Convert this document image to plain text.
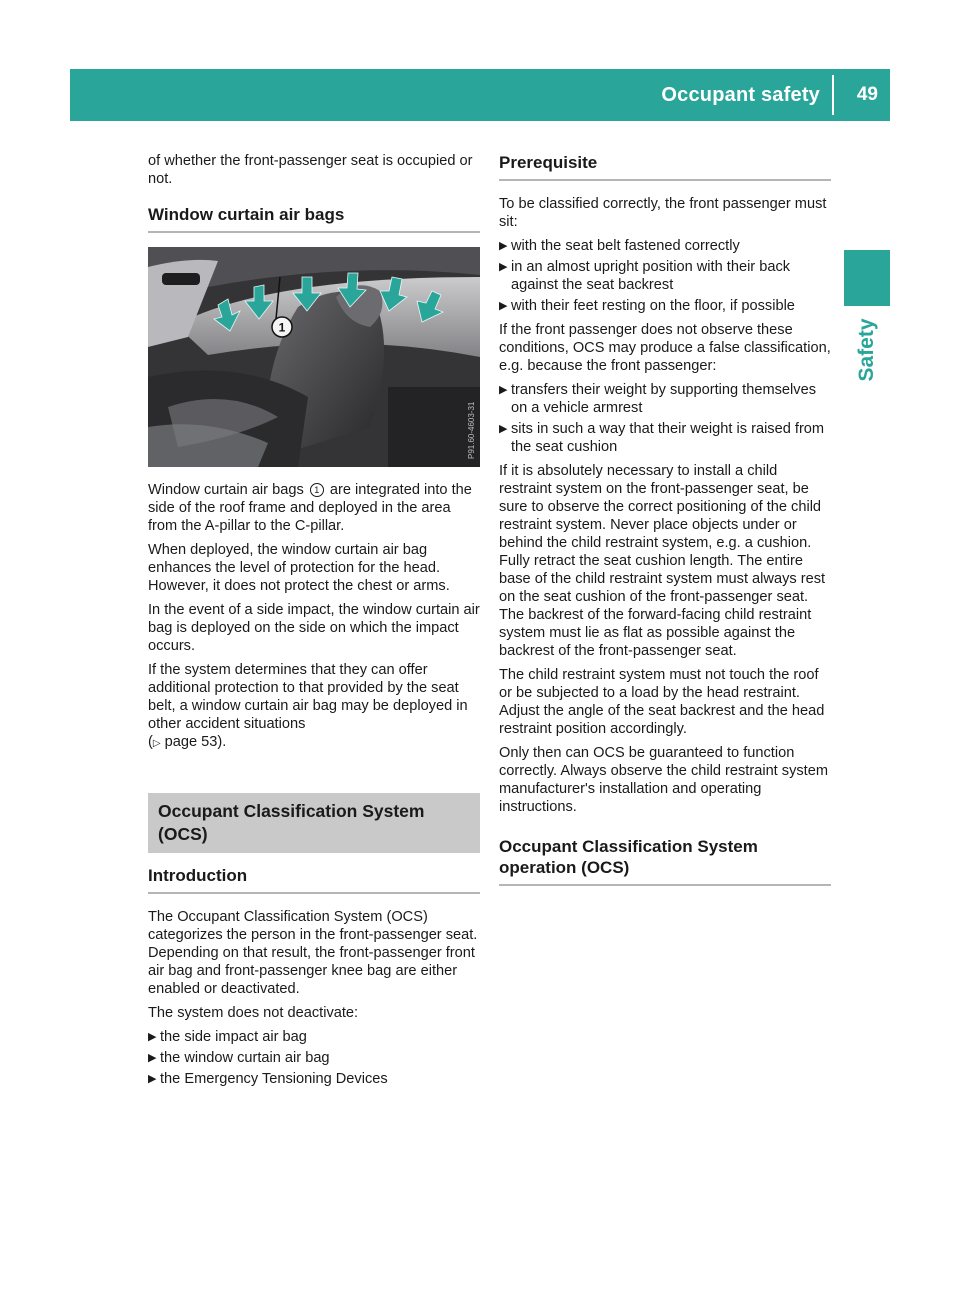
Occupant safety 49
Safety

of whether the front-passenger seat is occupied or not.

Window curtain air bags
1
P91.60-4603-31

Window curtain air bags 1 are integrated into the side of the roof frame and deployed in the area from the A-pillar to the C-pillar.

When deployed, the window curtain air bag enhances the level of protection for the head. However, it does not protect the chest or arms.

In the event of a side impact, the window curtain air bag is deployed on the side on which the impact occurs.

If the system determines that they can offer additional protection to that provided by the seat belt, a window curtain air bag may be deployed in other accident situations

(▷ page 53).

Occupant Classification System
(OCS)
Introduction

The Occupant Classification System (OCS) categorizes the person in the front-passenger seat. Depending on that result, the front-passenger front air bag and front-passenger knee bag are either enabled or deactivated.

The system does not deactivate:

▶ the side impact air bag
▶ the window curtain air bag
▶ the Emergency Tensioning Devices
Prerequisite

To be classified correctly, the front passenger must sit:

▶ with the seat belt fastened correctly
▶ in an almost upright position with their back against the seat backrest
▶ with their feet resting on the floor, if possible

If the front passenger does not observe these conditions, OCS may produce a false classification, e.g. because the front passenger:

▶ transfers their weight by supporting themselves on a vehicle armrest
▶ sits in such a way that their weight is raised from the seat cushion

If it is absolutely necessary to install a child restraint system on the front-passenger seat, be sure to observe the correct positioning of the child restraint system. Never place objects under or behind the child restraint system, e.g. a cushion. Fully retract the seat cushion length. The entire base of the child restraint system must always rest on the seat cushion of the front-passenger seat. The backrest of the forward-facing child restraint system must lie as flat as possible against the backrest of the front-passenger seat.

The child restraint system must not touch the roof or be subjected to a load by the head restraint. Adjust the angle of the seat backrest and the head restraint position accordingly.

Only then can OCS be guaranteed to function correctly. Always observe the child restraint system manufacturer's installation and operating instructions.

Occupant Classification System operation (OCS)
